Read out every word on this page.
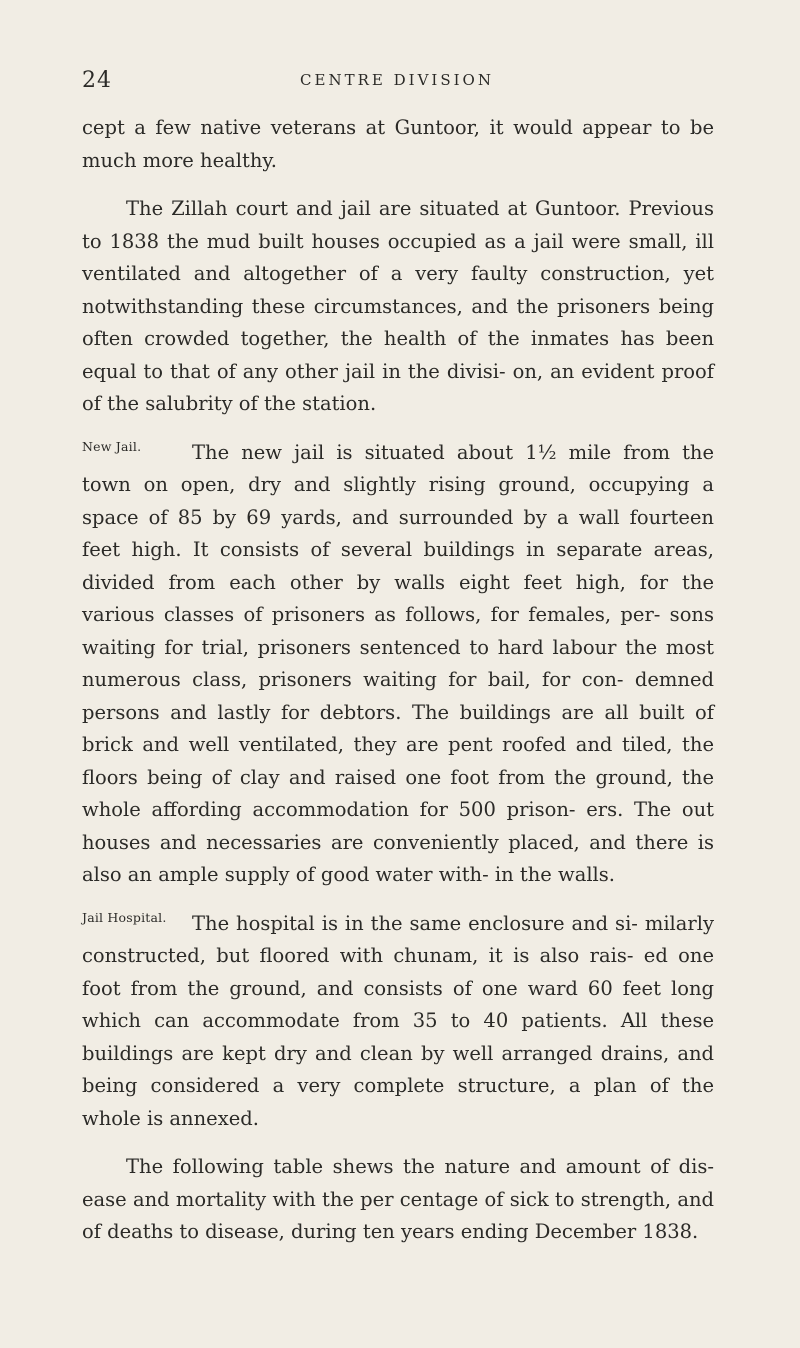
24	CENTRE DIVISION

cept a few native veterans at Guntoor, it would appear to be much more healthy.

The Zillah court and jail are situated at Guntoor. Previous to 1838 the mud built houses occupied as a jail were small, ill ventilated and altogether of a very faulty construction, yet notwithstanding these circumstances, and the prisoners being often crowded together, the health of the inmates has been equal to that of any other jail in the divisi- on, an evident proof of the salubrity of the station.

New Jail.	The new jail is situated about 1½ mile from the town on open, dry and slightly rising ground, occupying a space of 85 by 69 yards, and surrounded by a wall fourteen feet high. It consists of several buildings in separate areas, divided from each other by walls eight feet high, for the various classes of prisoners as follows, for females, per- sons waiting for trial, prisoners sentenced to hard labour the most numerous class, prisoners waiting for bail, for con- demned persons and lastly for debtors. The buildings are all built of brick and well ventilated, they are pent roofed and tiled, the floors being of clay and raised one foot from the ground, the whole affording accommodation for 500 prison- ers. The out houses and necessaries are conveniently placed, and there is also an ample supply of good water with- in the walls.

Jail Hospital. The hospital is in the same enclosure and si- milarly constructed, but floored with chunam, it is also rais- ed one foot from the ground, and consists of one ward 60 feet long which can accommodate from 35 to 40 patients. All these buildings are kept dry and clean by well arranged drains, and being considered a very complete structure, a plan of the whole is annexed.

The following table shews the nature and amount of dis- ease and mortality with the per centage of sick to strength, and of deaths to disease, during ten years ending December 1838.
